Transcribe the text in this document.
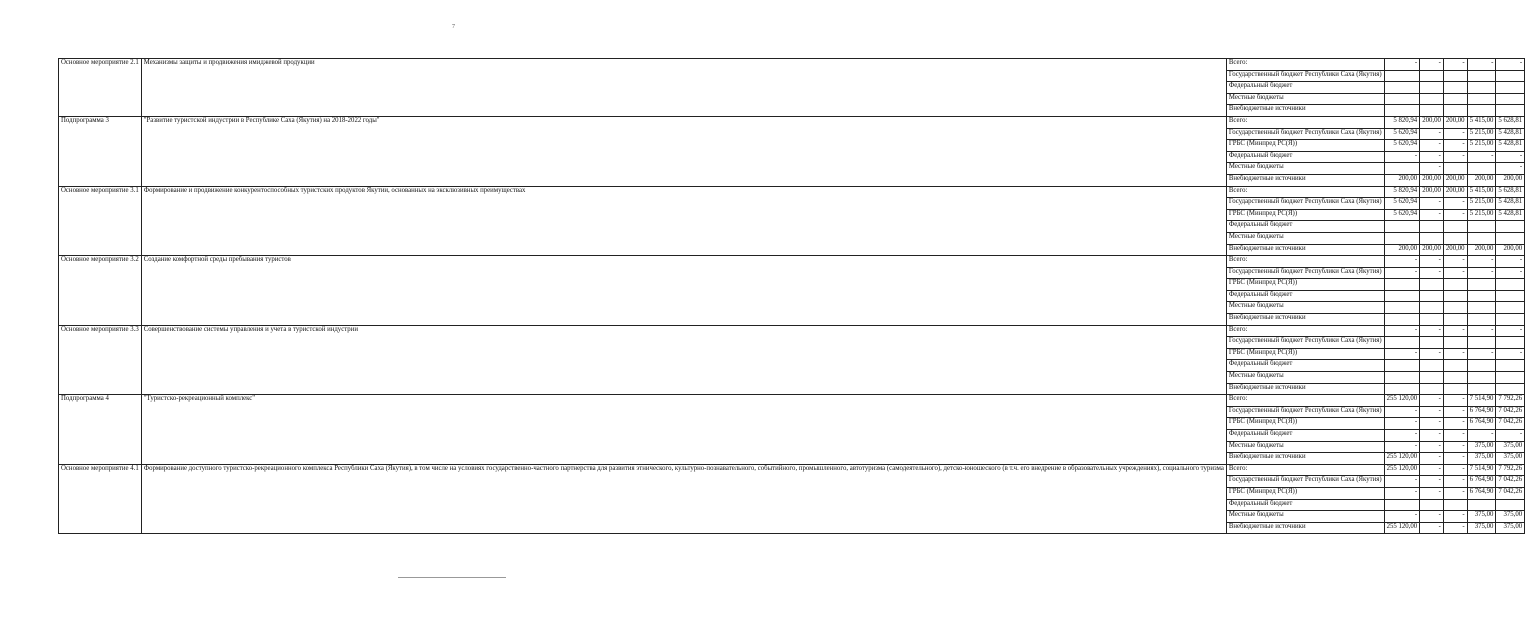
7
Основное мероприятие 2.1	Механизмы защиты и продвижения имиджевой продукции	Всего:	-	-	-	-	-
		Государственный бюджет Республики Саха (Якутия)					
		Федеральный бюджет					
		Местные бюджеты					
		Внебюджетные источники					
Подпрограмма 3	"Развитие туристской индустрии в Республике Саха (Якутия) на 2018-2022 годы"	Всего:	5 820,94	200,00	200,00	5 415,00	5 628,81
		Государственный бюджет Республики Саха (Якутия)	5 620,94	-	-	5 215,00	5 428,81
		ГРБС (Минпред РС(Я))	5 620,94	-	-	5 215,00	5 428,81
		Федеральный бюджет	-	-	-	-	-
		Местные бюджеты		-			-
		Внебюджетные источники	200,00	200,00	200,00	200,00	200,00
Основное мероприятие 3.1	Формирование и продвижение конкурентоспособных туристских продуктов Якутии, основанных на эксклюзивных преимуществах	Всего:	5 820,94	200,00	200,00	5 415,00	5 628,81
		Государственный бюджет Республики Саха (Якутия)	5 620,94	-	-	5 215,00	5 428,81
		ГРБС (Минпред РС(Я))	5 620,94	-	-	5 215,00	5 428,81
		Федеральный бюджет					
		Местные бюджеты					
		Внебюджетные источники	200,00	200,00	200,00	200,00	200,00
Основное мероприятие 3.2	Создание комфортной среды пребывания туристов	Всего:	-	-	-	-	-
		Государственный бюджет Республики Саха (Якутия)	-	-	-	-	-
		ГРБС (Минпред РС(Я))					
		Федеральный бюджет					
		Местные бюджеты					
		Внебюджетные источники					
Основное мероприятие 3.3	Совершенствование системы управления и учета в туристской индустрии	Всего:	-	-	-	-	-
		Государственный бюджет Республики Саха (Якутия)					
		ГРБС (Минпред РС(Я))	-	-	-	-	-
		Федеральный бюджет					
		Местные бюджеты					
		Внебюджетные источники					
Подпрограмма 4	"Туристско-рекреационный комплекс"	Всего:	255 120,00	-	-	7 514,90	7 792,26
		Государственный бюджет Республики Саха (Якутия)	-	-	-	6 764,90	7 042,26
		ГРБС (Минпред РС(Я))	-	-	-	6 764,90	7 042,26
		Федеральный бюджет	-	-	-	-	-
		Местные бюджеты	-	-	-	375,00	375,00
		Внебюджетные источники	255 120,00	-	-	375,00	375,00
Основное мероприятие 4.1	Формирование доступного туристско-рекреационного комплекса Республики Саха (Якутия), в том числе на условиях государственно-частного партнерства для развития этнического, культурно-познавательного, событийного, промышленного, автотуризма (самодеятельного), детско-юношеского (в т.ч. его внедрение в образовательных учреждениях), социального туризма	Всего:	255 120,00	-	-	7 514,90	7 792,26
		Государственный бюджет Республики Саха (Якутия)	-	-	-	6 764,90	7 042,26
		ГРБС (Минпред РС(Я))	-	-	-	6 764,90	7 042,26
		Федеральный бюджет					
		Местные бюджеты	-	-	-	375,00	375,00
		Внебюджетные источники	255 120,00	-	-	375,00	375,00
